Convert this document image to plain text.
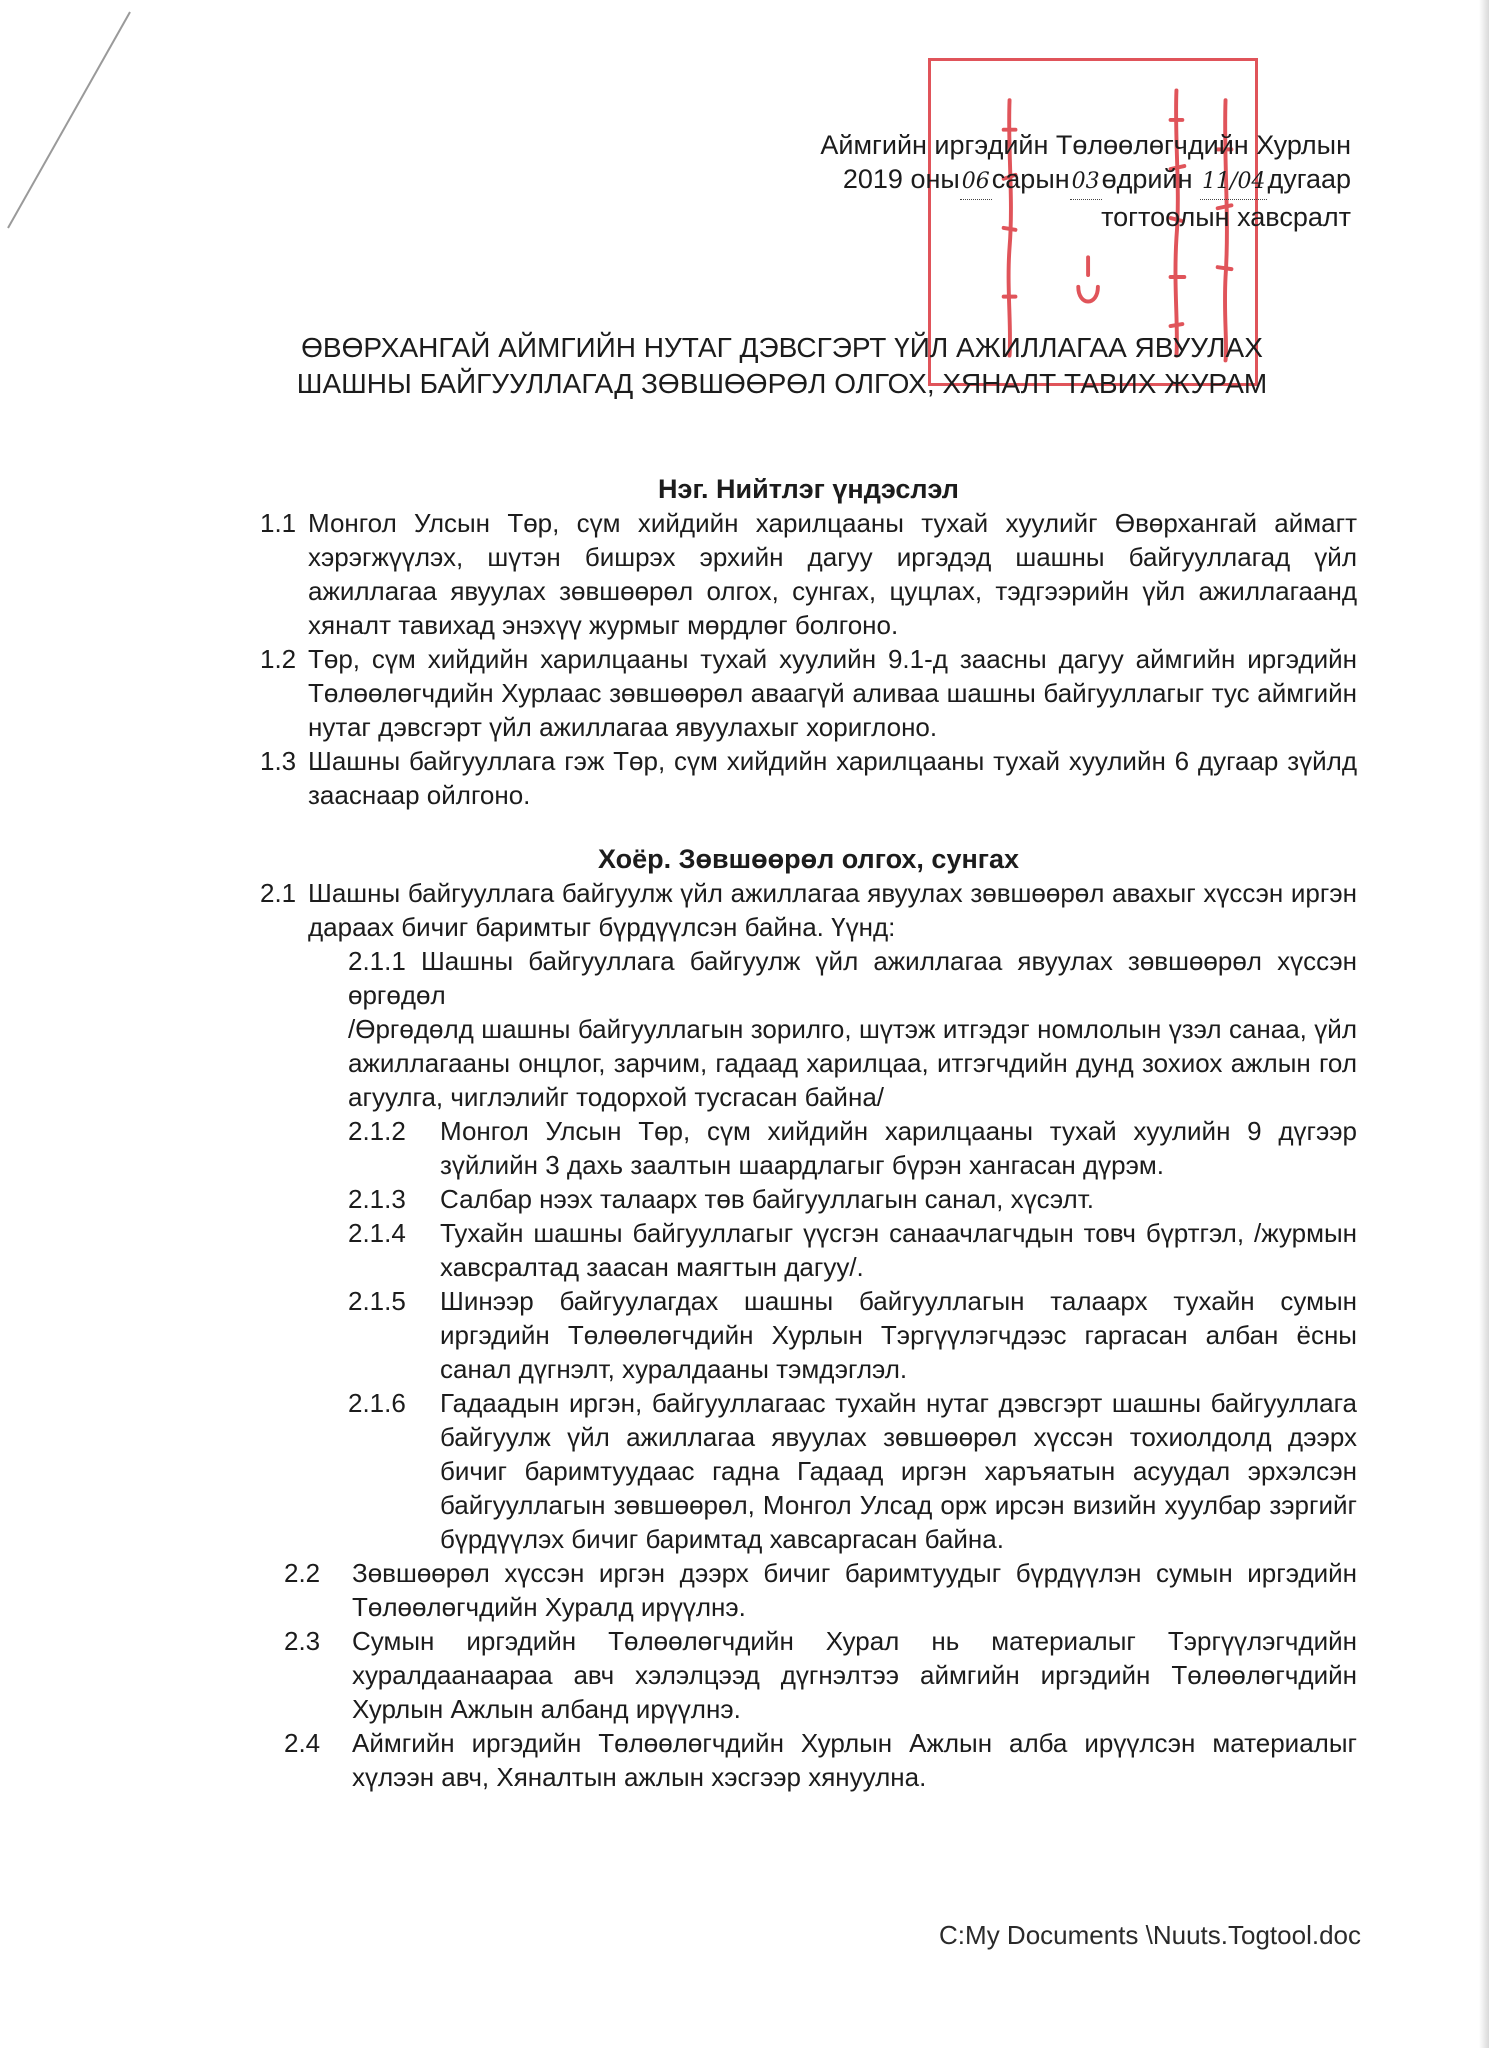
Аймгийн иргэдийн Төлөөлөгчдийн Хурлын
2019 оны06сарын03өдрийн 11/04дугаар
тогтоолын хавсралт
ӨВӨРХАНГАЙ АЙМГИЙН НУТАГ ДЭВСГЭРТ ҮЙЛ АЖИЛЛАГАА ЯВУУЛАХ
ШАШНЫ БАЙГУУЛЛАГАД ЗӨВШӨӨРӨЛ ОЛГОХ, ХЯНАЛТ ТАВИХ ЖУРАМ

Нэг. Нийтлэг үндэслэл

1.1 Монгол Улсын Төр, сүм хийдийн харилцааны тухай хуулийг Өвөрхангай аймагт хэрэгжүүлэх, шүтэн бишрэх эрхийн дагуу иргэдэд шашны байгууллагад үйл ажиллагаа явуулах зөвшөөрөл олгох, сунгах, цуцлах, тэдгээрийн үйл ажиллагаанд хяналт тавихад энэхүү журмыг мөрдлөг болгоно.
1.2 Төр, сүм хийдийн харилцааны тухай хуулийн 9.1-д заасны дагуу аймгийн иргэдийн Төлөөлөгчдийн Хурлаас зөвшөөрөл аваагүй аливаа шашны байгууллагыг тус аймгийн нутаг дэвсгэрт үйл ажиллагаа явуулахыг хориглоно.
1.3 Шашны байгууллага гэж Төр, сүм хийдийн харилцааны тухай хуулийн 6 дугаар зүйлд зааснаар ойлгоно.

Хоёр. Зөвшөөрөл олгох, сунгах

2.1 Шашны байгууллага байгуулж үйл ажиллагаа явуулах зөвшөөрөл авахыг хүссэн иргэн дараах бичиг баримтыг бүрдүүлсэн байна. Үүнд:
2.1.1 Шашны байгууллага байгуулж үйл ажиллагаа явуулах зөвшөөрөл хүссэн өргөдөл
/Өргөдөлд шашны байгууллагын зорилго, шүтэж итгэдэг номлолын үзэл санаа, үйл ажиллагааны онцлог, зарчим, гадаад харилцаа, итгэгчдийн дунд зохиох ажлын гол агуулга, чиглэлийг тодорхой тусгасан байна/
2.1.2	Монгол Улсын Төр, сүм хийдийн харилцааны тухай хуулийн 9 дүгээр зүйлийн 3 дахь заалтын шаардлагыг бүрэн хангасан дүрэм.
2.1.3	Салбар нээх талаарх төв байгууллагын санал, хүсэлт.
2.1.4	Тухайн шашны байгууллагыг үүсгэн санаачлагчдын товч бүртгэл, /журмын хавсралтад заасан маягтын дагуу/.
2.1.5	Шинээр байгуулагдах шашны байгууллагын талаарх тухайн сумын иргэдийн Төлөөлөгчдийн Хурлын Тэргүүлэгчдээс гаргасан албан ёсны санал дүгнэлт, хуралдааны тэмдэглэл.
2.1.6	Гадаадын иргэн, байгууллагаас тухайн нутаг дэвсгэрт шашны байгууллага байгуулж үйл ажиллагаа явуулах зөвшөөрөл хүссэн тохиолдолд дээрх бичиг баримтуудаас гадна Гадаад иргэн харъяатын асуудал эрхэлсэн байгууллагын зөвшөөрөл, Монгол Улсад орж ирсэн визийн хуулбар зэргийг бүрдүүлэх бичиг баримтад хавсаргасан байна.
2.2	Зөвшөөрөл хүссэн иргэн дээрх бичиг баримтуудыг бүрдүүлэн сумын иргэдийн Төлөөлөгчдийн Хуралд ирүүлнэ.
2.3	Сумын иргэдийн Төлөөлөгчдийн Хурал нь материалыг Тэргүүлэгчдийн хуралдаанаараа авч хэлэлцээд дүгнэлтээ аймгийн иргэдийн Төлөөлөгчдийн Хурлын Ажлын албанд ирүүлнэ.
2.4	Аймгийн иргэдийн Төлөөлөгчдийн Хурлын Ажлын алба ирүүлсэн материалыг хүлээн авч, Хяналтын ажлын хэсгээр хянуулна.
C:My Documents \Nuuts.Togtool.doc
